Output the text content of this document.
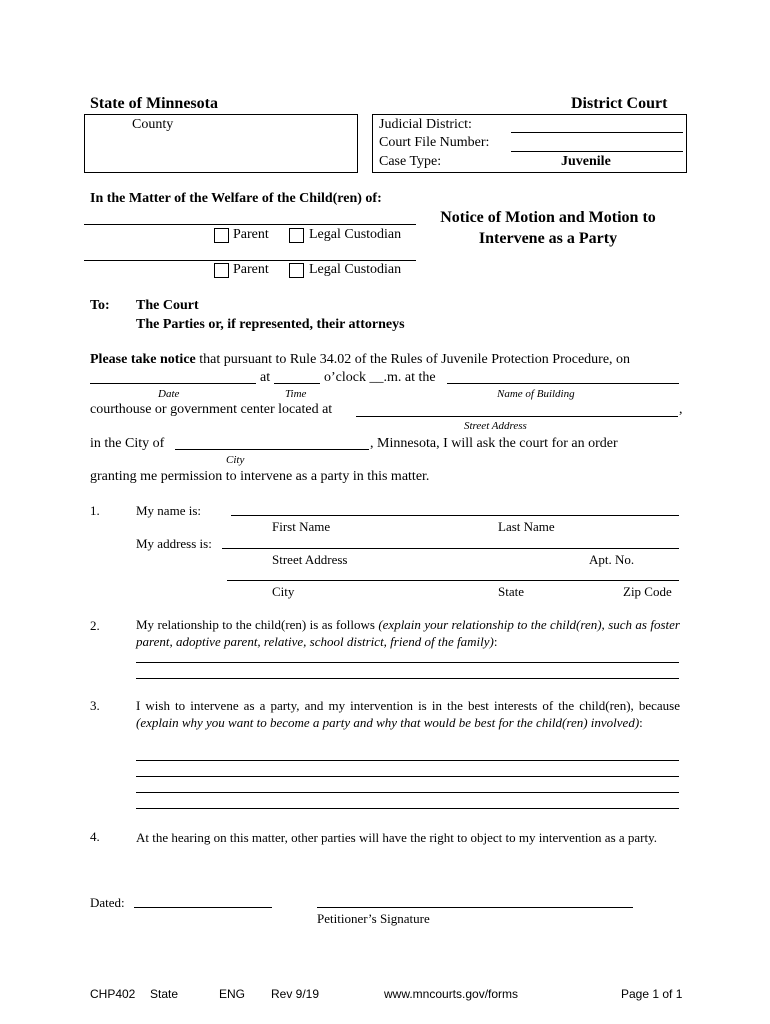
State of Minnesota	District Court
County	Judicial District:
Court File Number:
Case Type:	Juvenile
In the Matter of the Welfare of the Child(ren) of:
Parent	Legal Custodian
Parent	Legal Custodian
Notice of Motion and Motion to
Intervene as a Party
To: The Court
The Parties or, if represented, their attorneys
Please take notice that pursuant to Rule 34.02 of the Rules of Juvenile Protection Procedure, on
at	o’clock __.m. at the
Date	Time	Name of Building
courthouse or government center located at	,
Street Address
in the City of	, Minnesota, I will ask the court for an order
City
granting me permission to intervene as a party in this matter.
1.	My name is:
First Name	Last Name
My address is:
Street Address	Apt. No.
City	State	Zip Code
2.	My relationship to the child(ren) is as follows (explain your relationship to the child(ren), such as foster parent, adoptive parent, relative, school district, friend of the family):
3.	I wish to intervene as a party, and my intervention is in the best interests of the child(ren), because (explain why you want to become a party and why that would be best for the child(ren) involved):
4.	At the hearing on this matter, other parties will have the right to object to my intervention as a party.
Dated:
Petitioner’s Signature
CHP402 State	ENG Rev 9/19	www.mncourts.gov/forms	Page 1 of 1
